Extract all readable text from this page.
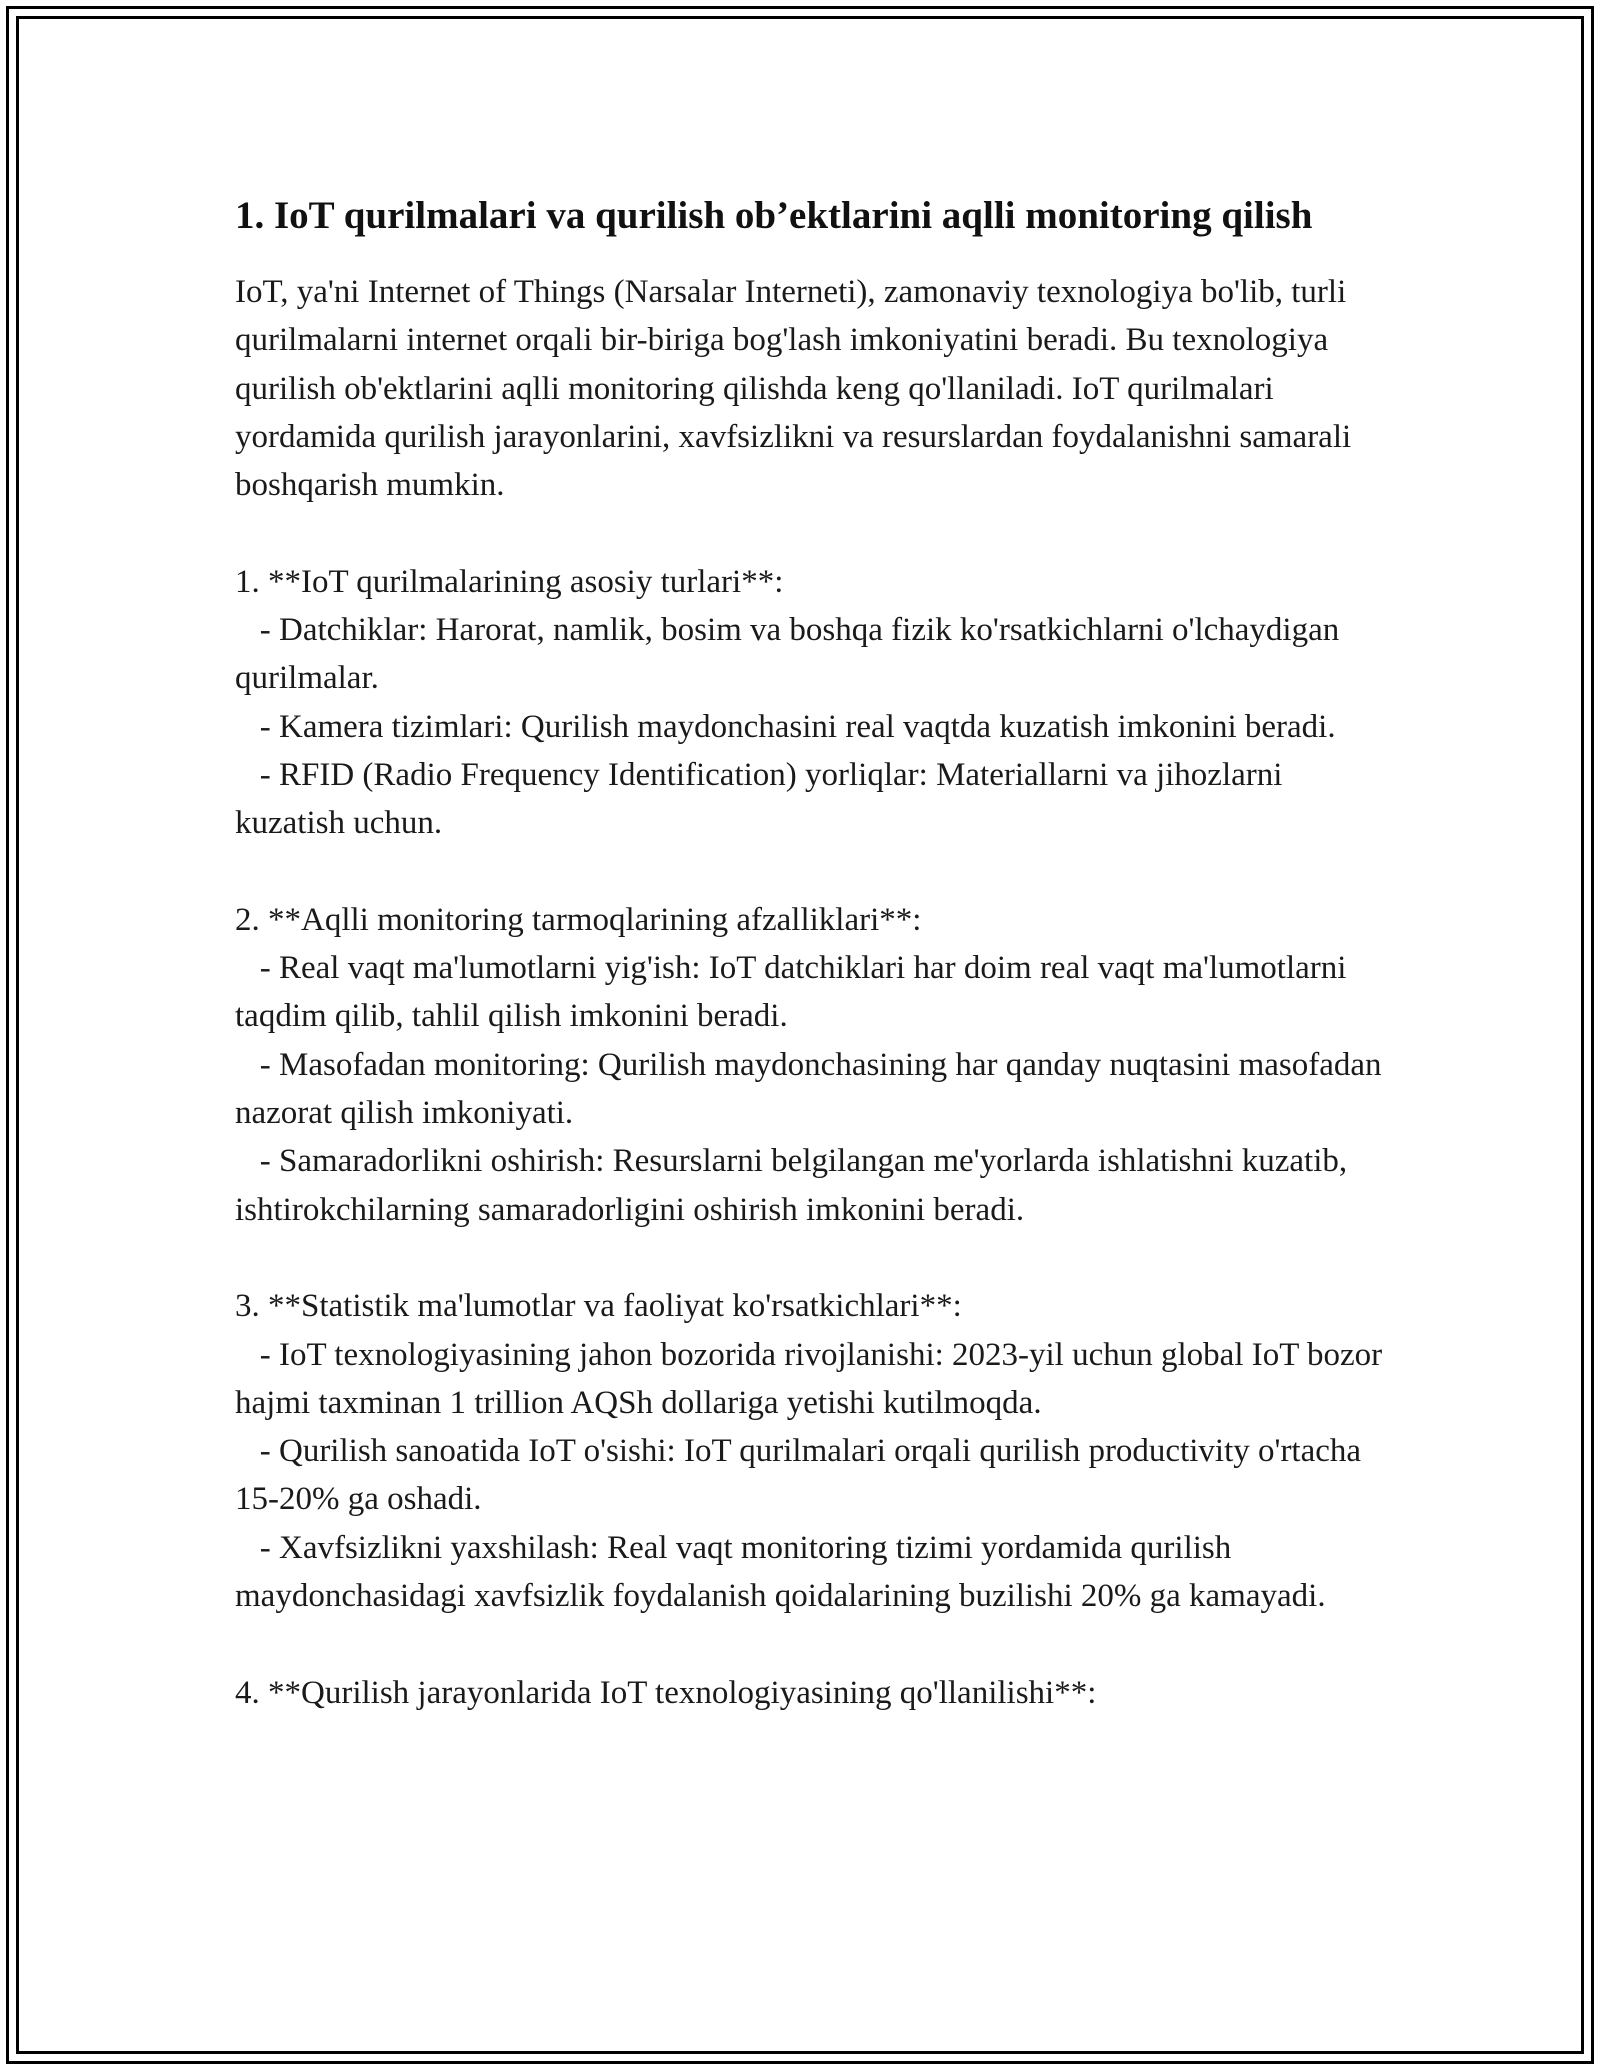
1. IoT qurilmalari va qurilish ob’ektlarini aqlli monitoring qilish

IoT, ya'ni Internet of Things (Narsalar Interneti), zamonaviy texnologiya bo'lib, turli qurilmalarni internet orqali bir-biriga bog'lash imkoniyatini beradi. Bu texnologiya qurilish ob'ektlarini aqlli monitoring qilishda keng qo'llaniladi. IoT qurilmalari yordamida qurilish jarayonlarini, xavfsizlikni va resurslardan foydalanishni samarali boshqarish mumkin.

1. **IoT qurilmalarining asosiy turlari**:
- Datchiklar: Harorat, namlik, bosim va boshqa fizik ko'rsatkichlarni o'lchaydigan qurilmalar.
- Kamera tizimlari: Qurilish maydonchasini real vaqtda kuzatish imkonini beradi.
- RFID (Radio Frequency Identification) yorliqlar: Materiallarni va jihozlarni kuzatish uchun.

2. **Aqlli monitoring tarmoqlarining afzalliklari**:
- Real vaqt ma'lumotlarni yig'ish: IoT datchiklari har doim real vaqt ma'lumotlarni taqdim qilib, tahlil qilish imkonini beradi.
- Masofadan monitoring: Qurilish maydonchasining har qanday nuqtasini masofadan nazorat qilish imkoniyati.
- Samaradorlikni oshirish: Resurslarni belgilangan me'yorlarda ishlatishni kuzatib, ishtirokchilarning samaradorligini oshirish imkonini beradi.

3. **Statistik ma'lumotlar va faoliyat ko'rsatkichlari**:
- IoT texnologiyasining jahon bozorida rivojlanishi: 2023-yil uchun global IoT bozor hajmi taxminan 1 trillion AQSh dollariga yetishi kutilmoqda.
- Qurilish sanoatida IoT o'sishi: IoT qurilmalari orqali qurilish productivity o'rtacha 15-20% ga oshadi.
- Xavfsizlikni yaxshilash: Real vaqt monitoring tizimi yordamida qurilish maydonchasidagi xavfsizlik foydalanish qoidalarining buzilishi 20% ga kamayadi.

4. **Qurilish jarayonlarida IoT texnologiyasining qo'llanilishi**:
